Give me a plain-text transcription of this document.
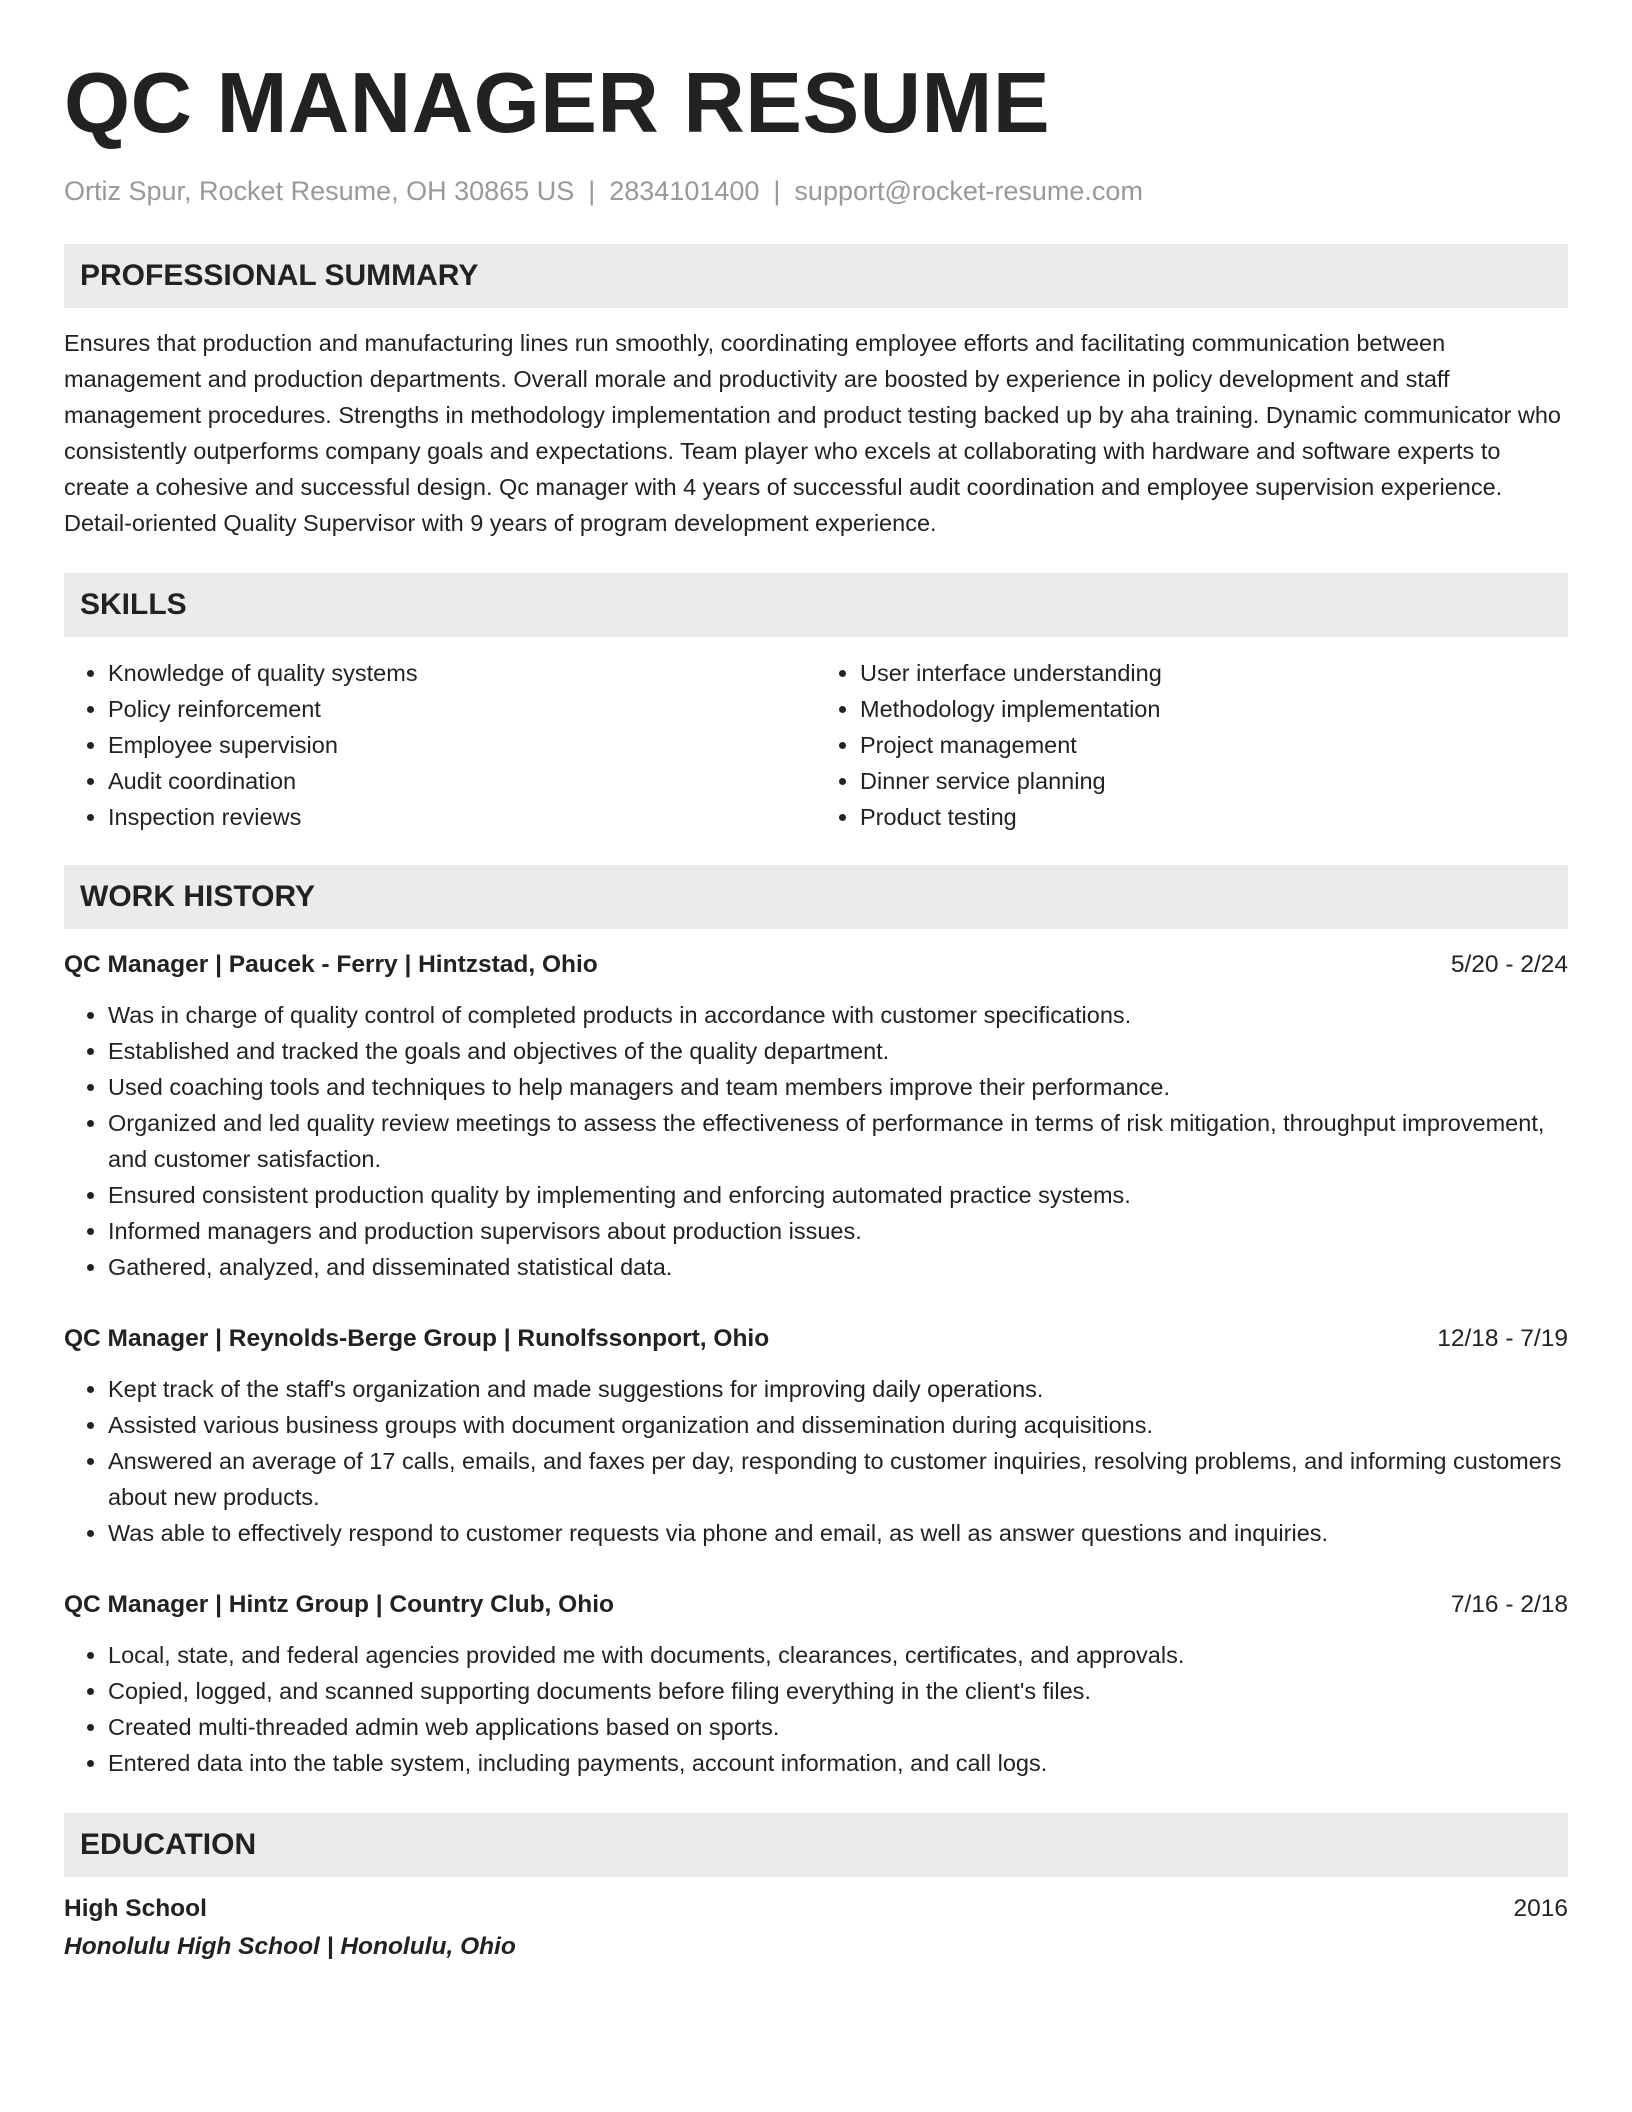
QC MANAGER RESUME
Ortiz Spur, Rocket Resume, OH 30865 US | 2834101400 | support@rocket-resume.com
PROFESSIONAL SUMMARY

Ensures that production and manufacturing lines run smoothly, coordinating employee efforts and facilitating communication between management and production departments. Overall morale and productivity are boosted by experience in policy development and staff management procedures. Strengths in methodology implementation and product testing backed up by aha training. Dynamic communicator who consistently outperforms company goals and expectations. Team player who excels at collaborating with hardware and software experts to create a cohesive and successful design. Qc manager with 4 years of successful audit coordination and employee supervision experience. Detail-oriented Quality Supervisor with 9 years of program development experience.

SKILLS
• Knowledge of quality systems
• Policy reinforcement
• Employee supervision
• Audit coordination
• Inspection reviews
• User interface understanding
• Methodology implementation
• Project management
• Dinner service planning
• Product testing
WORK HISTORY
QC Manager | Paucek - Ferry | Hintzstad, Ohio	5/20 - 2/24
• Was in charge of quality control of completed products in accordance with customer specifications.
• Established and tracked the goals and objectives of the quality department.
• Used coaching tools and techniques to help managers and team members improve their performance.
• Organized and led quality review meetings to assess the effectiveness of performance in terms of risk mitigation, throughput improvement, and customer satisfaction.
• Ensured consistent production quality by implementing and enforcing automated practice systems.
• Informed managers and production supervisors about production issues.
• Gathered, analyzed, and disseminated statistical data.
QC Manager | Reynolds-Berge Group | Runolfssonport, Ohio	12/18 - 7/19
• Kept track of the staff's organization and made suggestions for improving daily operations.
• Assisted various business groups with document organization and dissemination during acquisitions.
• Answered an average of 17 calls, emails, and faxes per day, responding to customer inquiries, resolving problems, and informing customers about new products.
• Was able to effectively respond to customer requests via phone and email, as well as answer questions and inquiries.
QC Manager | Hintz Group | Country Club, Ohio	7/16 - 2/18
• Local, state, and federal agencies provided me with documents, clearances, certificates, and approvals.
• Copied, logged, and scanned supporting documents before filing everything in the client's files.
• Created multi-threaded admin web applications based on sports.
• Entered data into the table system, including payments, account information, and call logs.
EDUCATION
High School	2016
Honolulu High School | Honolulu, Ohio
